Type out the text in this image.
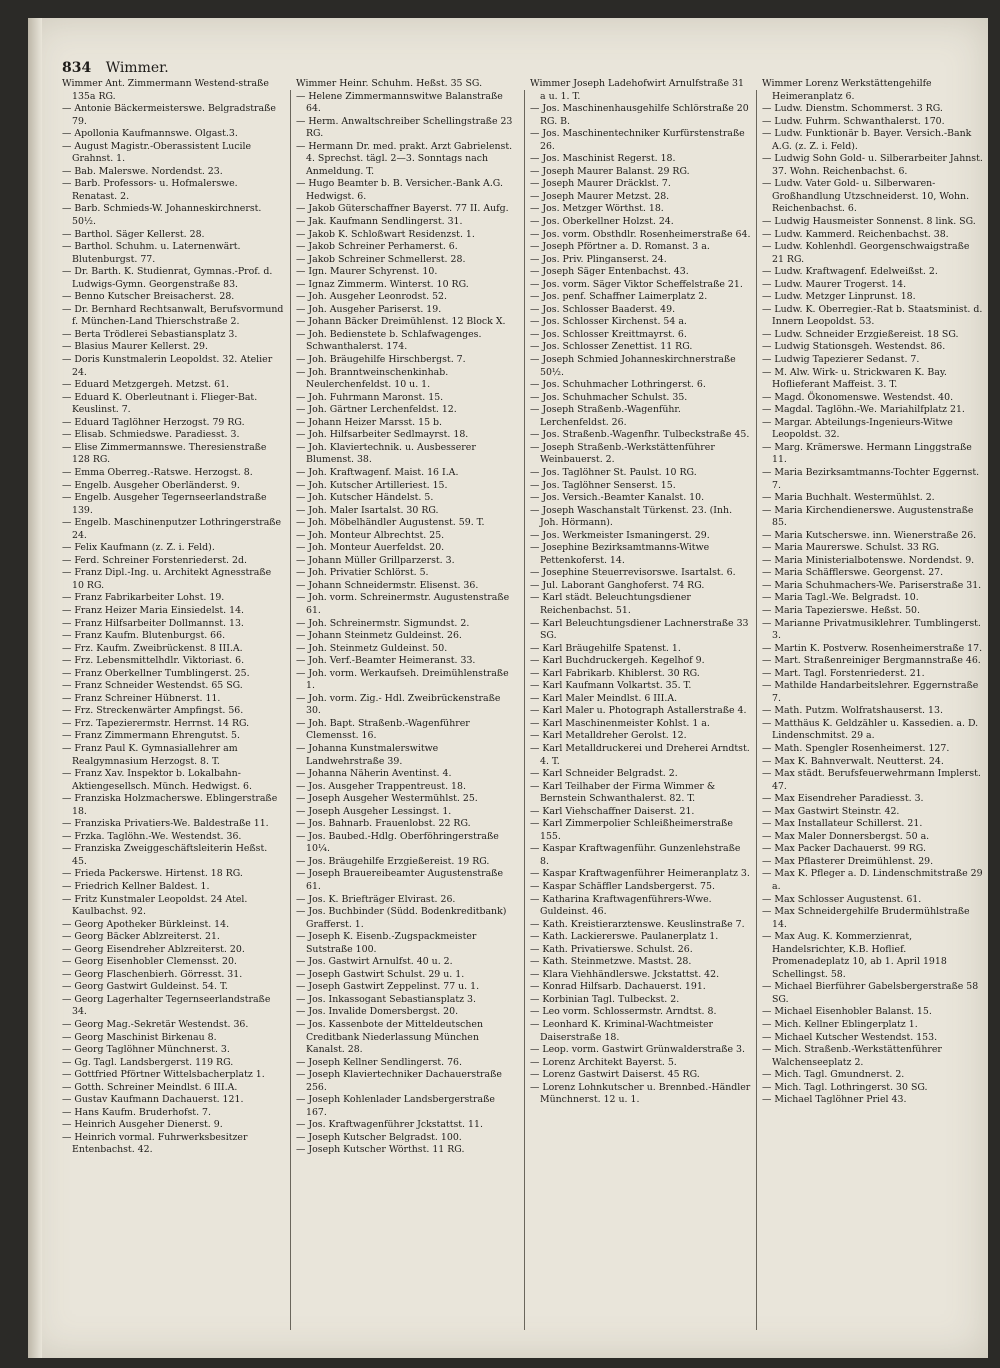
834 Wimmer.

Wimmer Ant. Zimmermann Westend-straße 135a RG.

— Antonie Bäckermeisterswe. Belgradstraße 79.

— Apollonia Kaufmannswe. Olgast.3.

— August Magistr.-Oberassistent Lucile Grahnst. 1.

— Bab. Malerswe. Nordendst. 23.

— Barb. Professors- u. Hofmalerswe. Renatast. 2.

— Barb. Schmieds-W. Johanneskirchnerst. 50½.

— Barthol. Säger Kellerst. 28.

— Barthol. Schuhm. u. Laternenwärt. Blutenburgst. 77.

— Dr. Barth. K. Studienrat, Gymnas.-Prof. d. Ludwigs-Gymn. Georgenstraße 83.

— Benno Kutscher Breisacherst. 28.

— Dr. Bernhard Rechtsanwalt, Berufsvormund f. München-Land Thierschstraße 2.

— Berta Trödlerei Sebastiansplatz 3.

— Blasius Maurer Kellerst. 29.

— Doris Kunstmalerin Leopoldst. 32. Atelier 24.

— Eduard Metzgergeh. Metzst. 61.

— Eduard K. Oberleutnant i. Flieger-Bat. Keuslinst. 7.

— Eduard Taglöhner Herzogst. 79 RG.

— Elisab. Schmiedswe. Paradiesst. 3.

— Elise Zimmermannswe. Theresienstraße 128 RG.

— Emma Oberreg.-Ratswe. Herzogst. 8.

— Engelb. Ausgeher Oberländerst. 9.

— Engelb. Ausgeher Tegernseerlandstraße 139.

— Engelb. Maschinenputzer Lothringerstraße 24.

— Felix Kaufmann (z. Z. i. Feld).

— Ferd. Schreiner Forstenriederst. 2d.

— Franz Dipl.-Ing. u. Architekt Agnesstraße 10 RG.

— Franz Fabrikarbeiter Lohst. 19.

— Franz Heizer Maria Einsiedelst. 14.

— Franz Hilfsarbeiter Dollmannst. 13.

— Franz Kaufm. Blutenburgst. 66.

— Frz. Kaufm. Zweibrückenst. 8 III.A.

— Frz. Lebensmittelhdlr. Viktoriast. 6.

— Franz Oberkellner Tumblingerst. 25.

— Franz Schneider Westendst. 65 SG.

— Franz Schreiner Hübnerst. 11.

— Frz. Streckenwärter Ampfingst. 56.

— Frz. Tapezierermstr. Herrnst. 14 RG.

— Franz Zimmermann Ehrengutst. 5.

— Franz Paul K. Gymnasiallehrer am Realgymnasium Herzogst. 8. T.

— Franz Xav. Inspektor b. Lokalbahn-Aktiengesellsch. Münch. Hedwigst. 6.

— Franziska Holzmacherswe. Eblingerstraße 18.

— Franziska Privatiers-We. Baldestraße 11.

— Frzka. Taglöhn.-We. Westendst. 36.

— Franziska Zweiggeschäftsleiterin Heßst. 45.

— Frieda Packerswe. Hirtenst. 18 RG.

— Friedrich Kellner Baldest. 1.

— Fritz Kunstmaler Leopoldst. 24 Atel. Kaulbachst. 92.

— Georg Apotheker Bürkleinst. 14.

— Georg Bäcker Ablzreiterst. 21.

— Georg Eisendreher Ablzreiterst. 20.

— Georg Eisenhobler Clemensst. 20.

— Georg Flaschenbierh. Görresst. 31.

— Georg Gastwirt Guldeinst. 54. T.

— Georg Lagerhalter Tegernseerlandstraße 34.

— Georg Mag.-Sekretär Westendst. 36.

— Georg Maschinist Birkenau 8.

— Georg Taglöhner Münchnerst. 3.

— Gg. Tagl. Landsbergerst. 119 RG.

— Gottfried Pförtner Wittelsbacherplatz 1.

— Gotth. Schreiner Meindlst. 6 III.A.

— Gustav Kaufmann Dachauerst. 121.

— Hans Kaufm. Bruderhofst. 7.

— Heinrich Ausgeher Dienerst. 9.

— Heinrich vormal. Fuhrwerksbesitzer Entenbachst. 42.

Wimmer Heinr. Schuhm. Heßst. 35 SG.

— Helene Zimmermannswitwe Balanstraße 64.

— Herm. Anwaltschreiber Schellingstraße 23 RG.

— Hermann Dr. med. prakt. Arzt Gabrielenst. 4. Sprechst. tägl. 2—3. Sonntags nach Anmeldung. T.

— Hugo Beamter b. B. Versicher.-Bank A.G. Hedwigst. 6.

— Jakob Güterschaffner Bayerst. 77 II. Aufg.

— Jak. Kaufmann Sendlingerst. 31.

— Jakob K. Schloßwart Residenzst. 1.

— Jakob Schreiner Perhamerst. 6.

— Jakob Schreiner Schmellerst. 28.

— Ign. Maurer Schyrenst. 10.

— Ignaz Zimmerm. Winterst. 10 RG.

— Joh. Ausgeher Leonrodst. 52.

— Joh. Ausgeher Pariserst. 19.

— Johann Bäcker Dreimühlenst. 12 Block X.

— Joh. Bedienstete b. Schlafwagenges. Schwanthalerst. 174.

— Joh. Bräugehilfe Hirschbergst. 7.

— Joh. Branntweinschenkinhab. Neulerchenfeldst. 10 u. 1.

— Joh. Fuhrmann Maronst. 15.

— Joh. Gärtner Lerchenfeldst. 12.

— Johann Heizer Marsst. 15 b.

— Joh. Hilfsarbeiter Sedlmayrst. 18.

— Joh. Klaviertechnik. u. Ausbesserer Blumenst. 38.

— Joh. Kraftwagenf. Maist. 16 I.A.

— Joh. Kutscher Artilleriest. 15.

— Joh. Kutscher Händelst. 5.

— Joh. Maler Isartalst. 30 RG.

— Joh. Möbelhändler Augustenst. 59. T.

— Joh. Monteur Albrechtst. 25.

— Joh. Monteur Auerfeldst. 20.

— Johann Müller Grillparzerst. 3.

— Joh. Privatier Schlörst. 5.

— Johann Schneidermstr. Elisenst. 36.

— Joh. vorm. Schreinermstr. Augustenstraße 61.

— Joh. Schreinermstr. Sigmundst. 2.

— Johann Steinmetz Guldeinst. 26.

— Joh. Steinmetz Guldeinst. 50.

— Joh. Verf.-Beamter Heimeranst. 33.

— Joh. vorm. Werkaufseh. Dreimühlenstraße 1.

— Joh. vorm. Zig.- Hdl. Zweibrückenstraße 30.

— Joh. Bapt. Straßenb.-Wagenführer Clemensst. 16.

— Johanna Kunstmalerswitwe Landwehrstraße 39.

— Johanna Näherin Aventinst. 4.

— Jos. Ausgeher Trappentreust. 18.

— Joseph Ausgeher Westermühlst. 25.

— Joseph Ausgeher Lessingst. 1.

— Jos. Bahnarb. Frauenlobst. 22 RG.

— Jos. Baubed.-Hdlg. Oberföhringerstraße 10¼.

— Jos. Bräugehilfe Erzgießereist. 19 RG.

— Joseph Brauereibeamter Augustenstraße 61.

— Jos. K. Briefträger Elvirast. 26.

— Jos. Buchbinder (Südd. Bodenkreditbank) Grafferst. 1.

— Joseph K. Eisenb.-Zugspackmeister Sutstraße 100.

— Jos. Gastwirt Arnulfst. 40 u. 2.

— Joseph Gastwirt Schulst. 29 u. 1.

— Joseph Gastwirt Zeppelinst. 77 u. 1.

— Jos. Inkassogant Sebastiansplatz 3.

— Jos. Invalide Domersbergst. 20.

— Jos. Kassenbote der Mitteldeutschen Creditbank Niederlassung München Kanalst. 28.

— Joseph Kellner Sendlingerst. 76.

— Joseph Klaviertechniker Dachauerstraße 256.

— Joseph Kohlenlader Landsbergerstraße 167.

— Jos. Kraftwagenführer Jckstattst. 11.

— Joseph Kutscher Belgradst. 100.

— Joseph Kutscher Wörthst. 11 RG.

Wimmer Joseph Ladehofwirt Arnulfstraße 31 a u. 1. T.

— Jos. Maschinenhausgehilfe Schlörstraße 20 RG. B.

— Jos. Maschinentechniker Kurfürstenstraße 26.

— Jos. Maschinist Regerst. 18.

— Joseph Maurer Balanst. 29 RG.

— Joseph Maurer Dräcklst. 7.

— Joseph Maurer Metzst. 28.

— Jos. Metzger Wörthst. 18.

— Jos. Oberkellner Holzst. 24.

— Jos. vorm. Obsthdlr. Rosenheimerstraße 64.

— Joseph Pförtner a. D. Romanst. 3 a.

— Jos. Priv. Plinganserst. 24.

— Joseph Säger Entenbachst. 43.

— Jos. vorm. Säger Viktor Scheffelstraße 21.

— Jos. penf. Schaffner Laimerplatz 2.

— Jos. Schlosser Baaderst. 49.

— Jos. Schlosser Kirchenst. 54 a.

— Jos. Schlosser Kreittmayrst. 6.

— Jos. Schlosser Zenettist. 11 RG.

— Joseph Schmied Johanneskirchnerstraße 50½.

— Jos. Schuhmacher Lothringerst. 6.

— Jos. Schuhmacher Schulst. 35.

— Joseph Straßenb.-Wagenführ. Lerchenfeldst. 26.

— Jos. Straßenb.-Wagenfhr. Tulbeckstraße 45.

— Joseph Straßenb.-Werkstättenführer Weinbauerst. 2.

— Jos. Taglöhner St. Paulst. 10 RG.

— Jos. Taglöhner Senserst. 15.

— Jos. Versich.-Beamter Kanalst. 10.

— Joseph Waschanstalt Türkenst. 23. (Inh. Joh. Hörmann).

— Jos. Werkmeister Ismaningerst. 29.

— Josephine Bezirksamtmanns-Witwe Pettenkoferst. 14.

— Josephine Steuerrevisorswe. Isartalst. 6.

— Jul. Laborant Ganghoferst. 74 RG.

— Karl städt. Beleuchtungsdiener Reichenbachst. 51.

— Karl Beleuchtungsdiener Lachnerstraße 33 SG.

— Karl Bräugehilfe Spatenst. 1.

— Karl Buchdruckergeh. Kegelhof 9.

— Karl Fabrikarb. Khiblerst. 30 RG.

— Karl Kaufmann Volkartst. 35. T.

— Karl Maler Meindlst. 6 III.A.

— Karl Maler u. Photograph Astallerstraße 4.

— Karl Maschinenmeister Kohlst. 1 a.

— Karl Metalldreher Gerolst. 12.

— Karl Metalldruckerei und Dreherei Arndtst. 4. T.

— Karl Schneider Belgradst. 2.

— Karl Teilhaber der Firma Wimmer & Bernstein Schwanthalerst. 82. T.

— Karl Viehschaffner Daiserst. 21.

— Karl Zimmerpolier Schleißheimerstraße 155.

— Kaspar Kraftwagenführ. Gunzenlehstraße 8.

— Kaspar Kraftwagenführer Heimeranplatz 3.

— Kaspar Schäffler Landsbergerst. 75.

— Katharina Kraftwagenführers-Wwe. Guldeinst. 46.

— Kath. Kreistierarztenswe. Keuslinstraße 7.

— Kath. Lackiererswe. Paulanerplatz 1.

— Kath. Privatierswe. Schulst. 26.

— Kath. Steinmetzwe. Mastst. 28.

— Klara Viehhändlerswe. Jckstattst. 42.

— Konrad Hilfsarb. Dachauerst. 191.

— Korbinian Tagl. Tulbeckst. 2.

— Leo vorm. Schlossermstr. Arndtst. 8.

— Leonhard K. Kriminal-Wachtmeister Daiserstraße 18.

— Leop. vorm. Gastwirt Grünwalderstraße 3.

— Lorenz Architekt Bayerst. 5.

— Lorenz Gastwirt Daiserst. 45 RG.

— Lorenz Lohnkutscher u. Brennbed.-Händler Münchnerst. 12 u. 1.

Wimmer Lorenz Werkstättengehilfe Heimeranplatz 6.

— Ludw. Dienstm. Schommerst. 3 RG.

— Ludw. Fuhrm. Schwanthalerst. 170.

— Ludw. Funktionär b. Bayer. Versich.-Bank A.G. (z. Z. i. Feld).

— Ludwig Sohn Gold- u. Silberarbeiter Jahnst. 37. Wohn. Reichenbachst. 6.

— Ludw. Vater Gold- u. Silberwaren-Großhandlung Utzschneiderst. 10, Wohn. Reichenbachst. 6.

— Ludwig Hausmeister Sonnenst. 8 link. SG.

— Ludw. Kammerd. Reichenbachst. 38.

— Ludw. Kohlenhdl. Georgenschwaigstraße 21 RG.

— Ludw. Kraftwagenf. Edelweißst. 2.

— Ludw. Maurer Trogerst. 14.

— Ludw. Metzger Linprunst. 18.

— Ludw. K. Oberregier.-Rat b. Staatsminist. d. Innern Leopoldst. 53.

— Ludw. Schneider Erzgießereist. 18 SG.

— Ludwig Stationsgeh. Westendst. 86.

— Ludwig Tapezierer Sedanst. 7.

— M. Alw. Wirk- u. Strickwaren K. Bay. Hoflieferant Maffeist. 3. T.

— Magd. Ökonomenswe. Westendst. 40.

— Magdal. Taglöhn.-We. Mariahilfplatz 21.

— Margar. Abteilungs-Ingenieurs-Witwe Leopoldst. 32.

— Marg. Krämerswe. Hermann Linggstraße 11.

— Maria Bezirksamtmanns-Tochter Eggernst. 7.

— Maria Buchhalt. Westermühlst. 2.

— Maria Kirchendienerswe. Augustenstraße 85.

— Maria Kutscherswe. inn. Wienerstraße 26.

— Maria Maurerswe. Schulst. 33 RG.

— Maria Ministerialbotenswe. Nordendst. 9.

— Maria Schäfflerswe. Georgenst. 27.

— Maria Schuhmachers-We. Pariserstraße 31.

— Maria Tagl.-We. Belgradst. 10.

— Maria Tapezierswe. Heßst. 50.

— Marianne Privatmusiklehrer. Tumblingerst. 3.

— Martin K. Postverw. Rosenheimerstraße 17.

— Mart. Straßenreiniger Bergmannstraße 46.

— Mart. Tagl. Forstenriederst. 21.

— Mathilde Handarbeitslehrer. Eggernstraße 7.

— Math. Putzm. Wolfratshauserst. 13.

— Matthäus K. Geldzähler u. Kassedien. a. D. Lindenschmitst. 29 a.

— Math. Spengler Rosenheimerst. 127.

— Max K. Bahnverwalt. Neutterst. 24.

— Max städt. Berufsfeuerwehrmann Implerst. 47.

— Max Eisendreher Paradiesst. 3.

— Max Gastwirt Steinstr. 42.

— Max Installateur Schillerst. 21.

— Max Maler Donnersbergst. 50 a.

— Max Packer Dachauerst. 99 RG.

— Max Pflasterer Dreimühlenst. 29.

— Max K. Pfleger a. D. Lindenschmitstraße 29 a.

— Max Schlosser Augustenst. 61.

— Max Schneidergehilfe Brudermühlstraße 14.

— Max Aug. K. Kommerzienrat, Handelsrichter, K.B. Hoflief. Promenadeplatz 10, ab 1. April 1918 Schellingst. 58.

— Michael Bierführer Gabelsbergerstraße 58 SG.

— Michael Eisenhobler Balanst. 15.

— Mich. Kellner Eblingerplatz 1.

— Michael Kutscher Westendst. 153.

— Mich. Straßenb.-Werkstättenführer Walchenseeplatz 2.

— Mich. Tagl. Gmundnerst. 2.

— Mich. Tagl. Lothringerst. 30 SG.

— Michael Taglöhner Priel 43.
